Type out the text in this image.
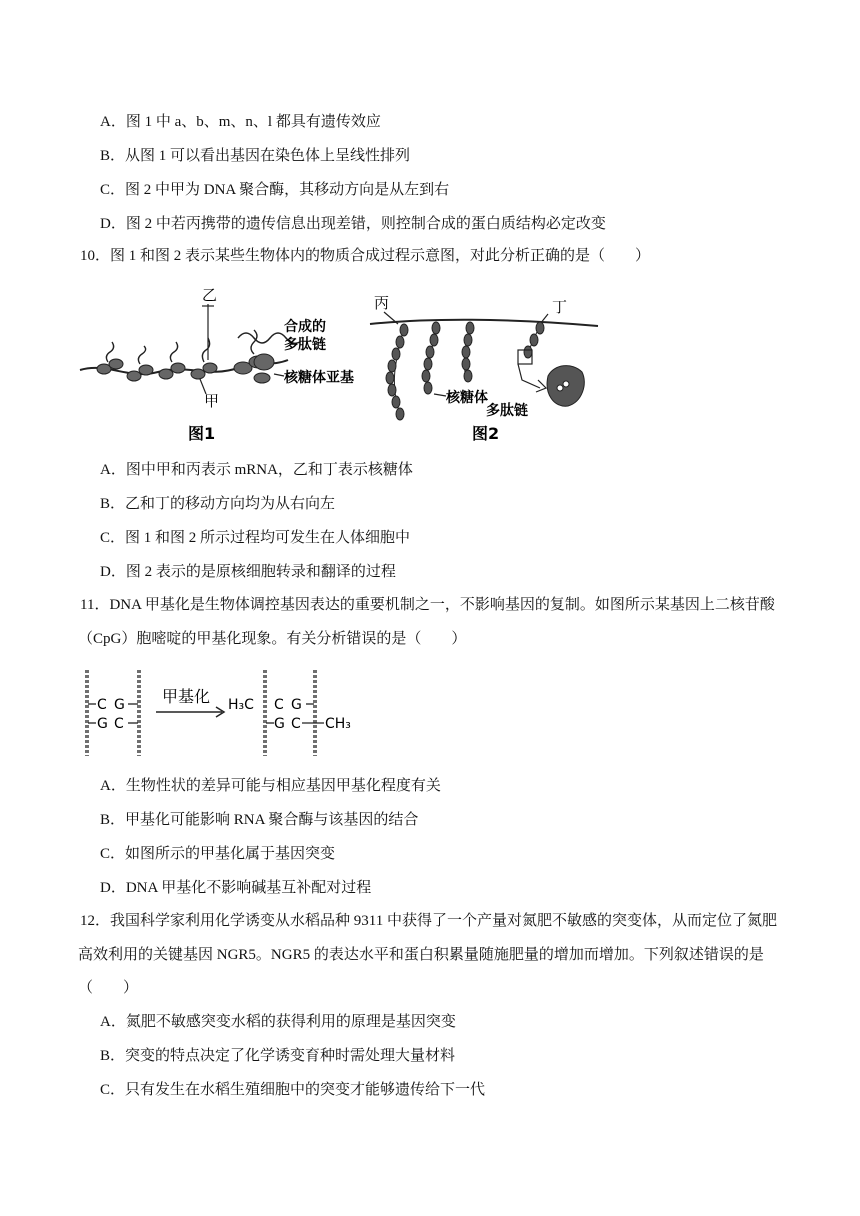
A．图 1 中 a、b、m、n、l 都具有遗传效应
B．从图 1 可以看出基因在染色体上呈线性排列
C．图 2 中甲为 DNA 聚合酶，其移动方向是从左到右
D．图 2 中若丙携带的遗传信息出现差错，则控制合成的蛋白质结构必定改变
10．图 1 和图 2 表示某些生物体内的物质合成过程示意图，对此分析正确的是（　　）
乙
甲
合成的
多肽链
核糖体亚基
图1
丙	丁
核糖体
多肽链
图2
A．图中甲和丙表示 mRNA，乙和丁表示核糖体
B．乙和丁的移动方向均为从右向左
C．图 1 和图 2 所示过程均可发生在人体细胞中
D．图 2 表示的是原核细胞转录和翻译的过程
11．DNA 甲基化是生物体调控基因表达的重要机制之一，不影响基因的复制。如图所示某基因上二核苷酸
（CpG）胞嘧啶的甲基化现象。有关分析错误的是（　　）
C G
G C
甲基化 H₃C C G
G C CH₃
A．生物性状的差异可能与相应基因甲基化程度有关
B．甲基化可能影响 RNA 聚合酶与该基因的结合
C．如图所示的甲基化属于基因突变
D．DNA 甲基化不影响碱基互补配对过程
12．我国科学家利用化学诱变从水稻品种 9311 中获得了一个产量对氮肥不敏感的突变体，从而定位了氮肥
高效利用的关键基因 NGR5。NGR5 的表达水平和蛋白积累量随施肥量的增加而增加。下列叙述错误的是
（　　）
A．氮肥不敏感突变水稻的获得利用的原理是基因突变
B．突变的特点决定了化学诱变育种时需处理大量材料
C．只有发生在水稻生殖细胞中的突变才能够遗传给下一代
